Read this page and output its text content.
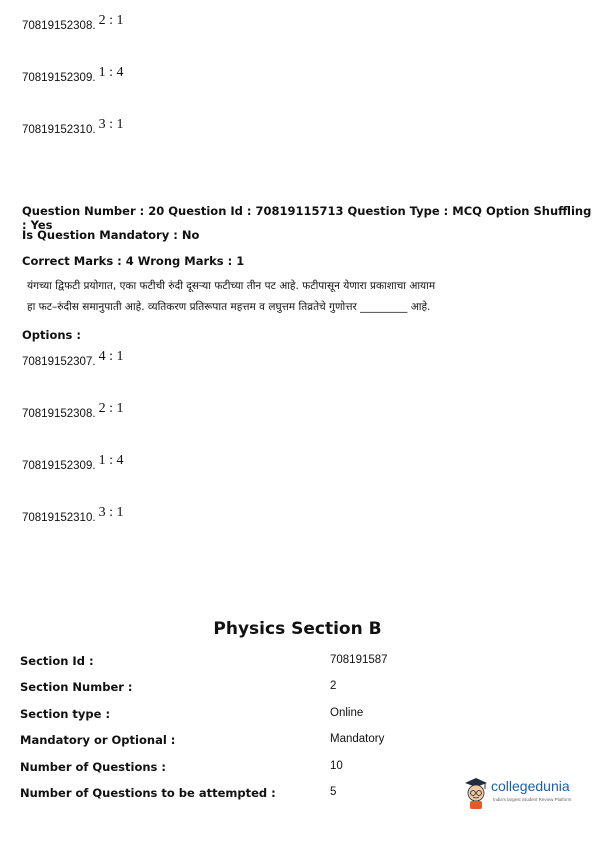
70819152308. 2 : 1
70819152309. 1 : 4
70819152310. 3 : 1
Question Number : 20 Question Id : 70819115713 Question Type : MCQ Option Shuffling : Yes
Is Question Mandatory : No
Correct Marks : 4 Wrong Marks : 1
यंगच्या द्विफटी प्रयोगात, एका फटीची रुंदी दूसऱ्या फटीच्या तीन पट आहे. फटीपासून येणारा प्रकाशाचा आयाम
हा फट–रुंदीस समानुपाती आहे. व्यतिकरण प्रतिरूपात महत्तम व लघुत्तम तिव्रतेचे गुणोत्तर _________ आहे.
Options :
70819152307. 4 : 1
70819152308. 2 : 1
70819152309. 1 : 4
70819152310. 3 : 1
Physics Section B
Section Id :	708191587
Section Number :	2
Section type :	Online
Mandatory or Optional :	Mandatory
Number of Questions :	10
Number of Questions to be attempted :	5	collegedunia
India's largest Student Review Platform
